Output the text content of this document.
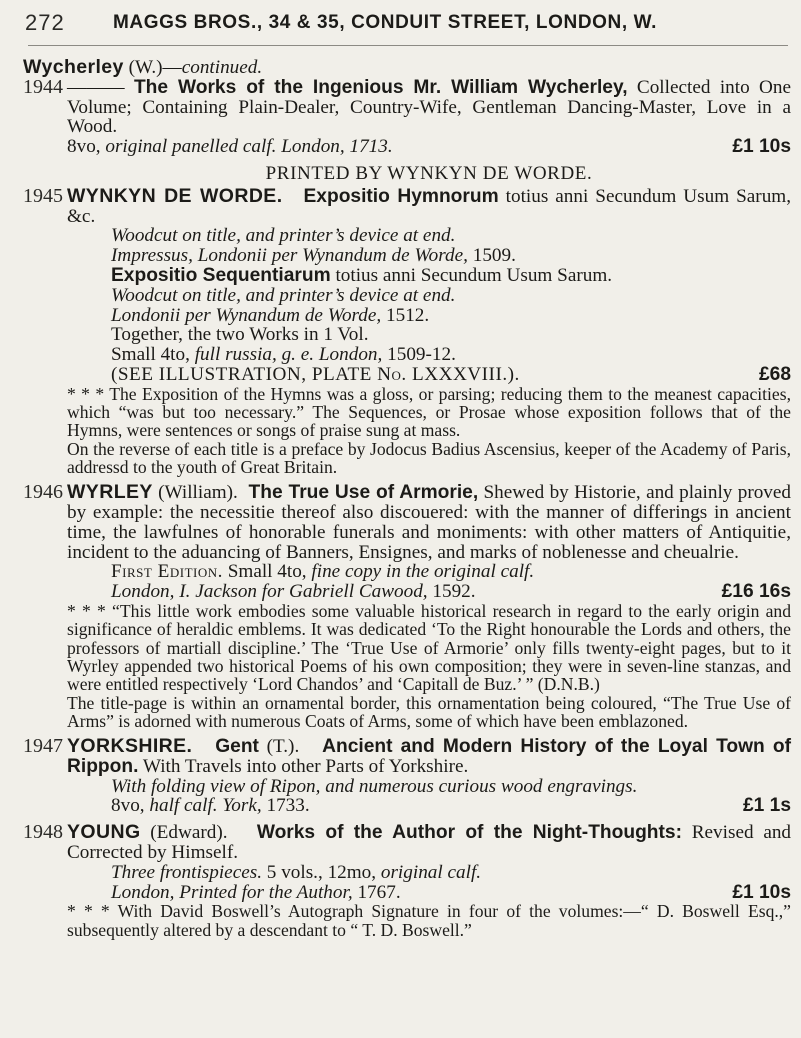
272	MAGGS BROS., 34 & 35, CONDUIT STREET, LONDON, W.
Wycherley (W.)—continued.
1944 ——— The Works of the Ingenious Mr. William Wycherley, Collected into One Volume; Containing Plain-Dealer, Country-Wife, Gentleman Dancing-Master, Love in a Wood.
8vo, original panelled calf. London, 1713.	£1 10s
PRINTED BY WYNKYN DE WORDE.
1945 WYNKYN DE WORDE. Expositio Hymnorum totius anni Secundum Usum Sarum, &c.
Woodcut on title, and printer’s device at end.
Impressus, Londonii per Wynandum de Worde, 1509.
Expositio Sequentiarum totius anni Secundum Usum Sarum.
Woodcut on title, and printer’s device at end.
Londonii per Wynandum de Worde, 1512.
Together, the two Works in 1 Vol.
Small 4to, full russia, g. e. London, 1509-12.
(SEE ILLUSTRATION, PLATE No. LXXXVIII.).	£68
* * * The Exposition of the Hymns was a gloss, or parsing; reducing them to the meanest capacities, which “was but too necessary.” The Sequences, or Prosae whose exposition follows that of the Hymns, were sentences or songs of praise sung at mass.
On the reverse of each title is a preface by Jodocus Badius Ascensius, keeper of the Academy of Paris, addressd to the youth of Great Britain.
1946 WYRLEY (William). The True Use of Armorie, Shewed by Historie, and plainly proved by example: the necessitie thereof also discouered: with the manner of differings in ancient time, the lawfulnes of honorable funerals and moniments: with other matters of Antiquitie, incident to the aduancing of Banners, Ensignes, and marks of noblenesse and cheualrie.
First Edition. Small 4to, fine copy in the original calf.
London, I. Jackson for Gabriell Cawood, 1592.	£16 16s
* * * “This little work embodies some valuable historical research in regard to the early origin and significance of heraldic emblems. It was dedicated ‘To the Right honourable the Lords and others, the professors of martiall discipline.’ The ‘True Use of Armorie’ only fills twenty-eight pages, but to it Wyrley appended two historical Poems of his own composition; they were in seven-line stanzas, and were entitled respectively ‘Lord Chandos’ and ‘Capitall de Buz.’ ” (D.N.B.)
The title-page is within an ornamental border, this ornamentation being coloured, “The True Use of Arms” is adorned with numerous Coats of Arms, some of which have been emblazoned.
1947 YORKSHIRE. Gent (T.). Ancient and Modern History of the Loyal Town of Rippon. With Travels into other Parts of Yorkshire.
With folding view of Ripon, and numerous curious wood engravings.
8vo, half calf. York, 1733.	£1 1s
1948 YOUNG (Edward). Works of the Author of the Night-Thoughts: Revised and Corrected by Himself.
Three frontispieces. 5 vols., 12mo, original calf.
London, Printed for the Author, 1767.	£1 10s
* * * With David Boswell’s Autograph Signature in four of the volumes:—“ D. Boswell Esq.,” subsequently altered by a descendant to “ T. D. Boswell.”
